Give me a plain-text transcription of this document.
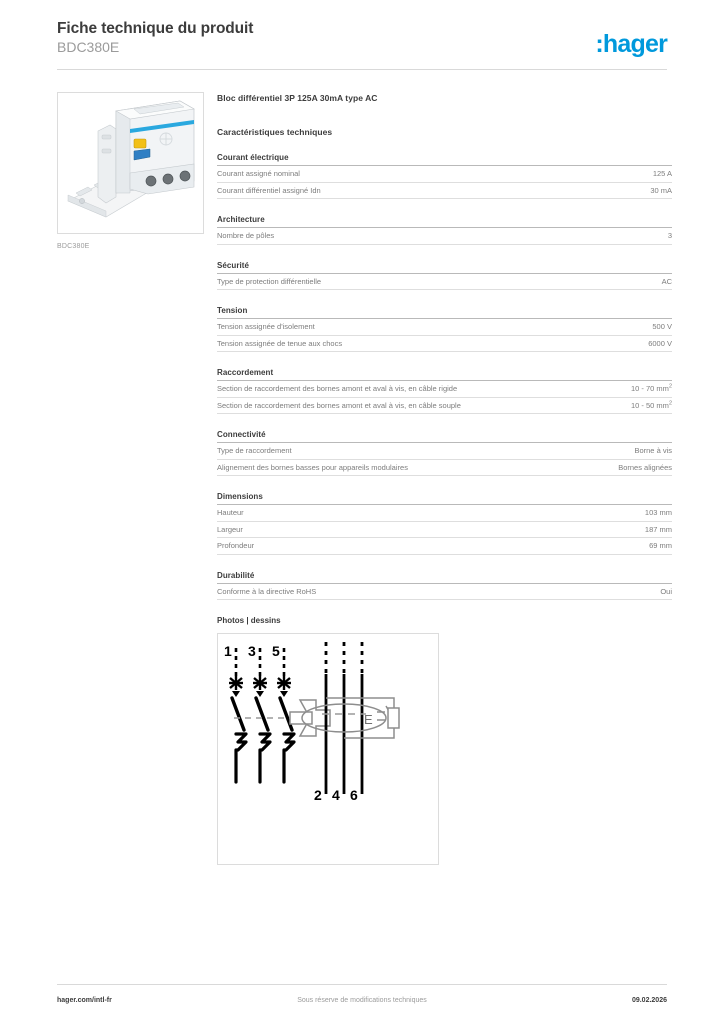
Fiche technique du produit
BDC380E	:hager
BDC380E
Bloc différentiel 3P 125A 30mA type AC
Caractéristiques techniques
Courant électrique
Courant assigné nominal	125 A
Courant différentiel assigné Idn	30 mA
Architecture
Nombre de pôles	3
Sécurité
Type de protection différentielle	AC
Tension
Tension assignée d'isolement	500 V
Tension assignée de tenue aux chocs	6000 V
Raccordement
Section de raccordement des bornes amont et aval à vis, en câble rigide	10 - 70 $mm^2$
Section de raccordement des bornes amont et aval à vis, en câble souple	10 - 50 $mm^2$
Connectivité
Type de raccordement	Borne à vis
Alignement des bornes basses pour appareils modulaires	Bornes alignées
Dimensions
Hauteur	103 mm
Largeur	187 mm
Profondeur	69 mm
Durabilité
Conforme à la directive RoHS	Oui
Photos | dessins
1 3 5
E
2 4 6
hager.com/intl-fr	Sous réserve de modifications techniques	09.02.2026
